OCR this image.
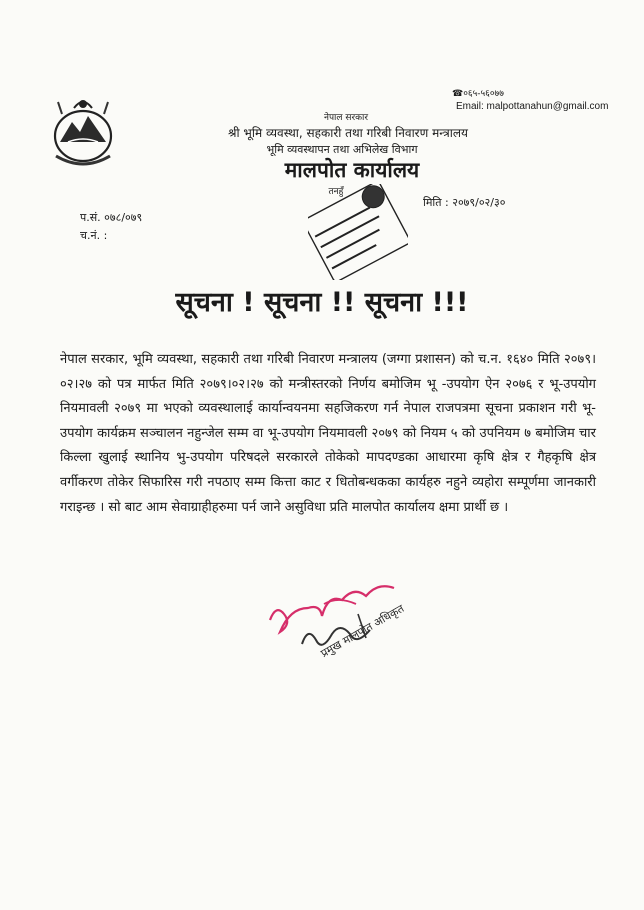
☎०६५-५६०७७
Email: malpottanahun@gmail.com
नेपाल सरकार
श्री भूमि व्यवस्था, सहकारी तथा गरिबी निवारण मन्त्रालय
भूमि व्यवस्थापन तथा अभिलेख विभाग
मालपोत कार्यालय
तनहुँ
प.सं. ०७८/०७९
च.नं. :
मिति : २०७९/०२/३०
सूचना ! सूचना !! सूचना !!!
नेपाल सरकार, भूमि व्यवस्था, सहकारी तथा गरिबी निवारण मन्त्रालय (जग्गा प्रशासन) को च.न. १६४० मिति २०७९।०२।२७ को पत्र मार्फत मिति २०७९।०२।२७ को मन्त्रीस्तरको निर्णय बमोजिम भू -उपयोग ऐन २०७६ र भू-उपयोग नियमावली २०७९ मा भएको व्यवस्थालाई कार्यान्वयनमा सहजिकरण गर्न नेपाल राजपत्रमा सूचना प्रकाशन गरी भू-उपयोग कार्यक्रम सञ्चालन नहुन्जेल सम्म वा भू-उपयोग नियमावली २०७९ को नियम ५ को उपनियम ७ बमोजिम चार किल्ला खुलाई स्थानिय भु-उपयोग परिषदले सरकारले तोकेको मापदण्डका आधारमा कृषि क्षेत्र र गैहकृषि क्षेत्र वर्गीकरण तोकेर सिफारिस गरी नपठाए सम्म कित्ता काट र धितोबन्धकका कार्यहरु नहुने व्यहोरा सम्पूर्णमा जानकारी गराइन्छ । सो बाट आम सेवाग्राहीहरुमा पर्न जाने असुविधा प्रति मालपोत कार्यालय क्षमा प्रार्थी छ ।
प्रमुख मालपोत अधिकृत
